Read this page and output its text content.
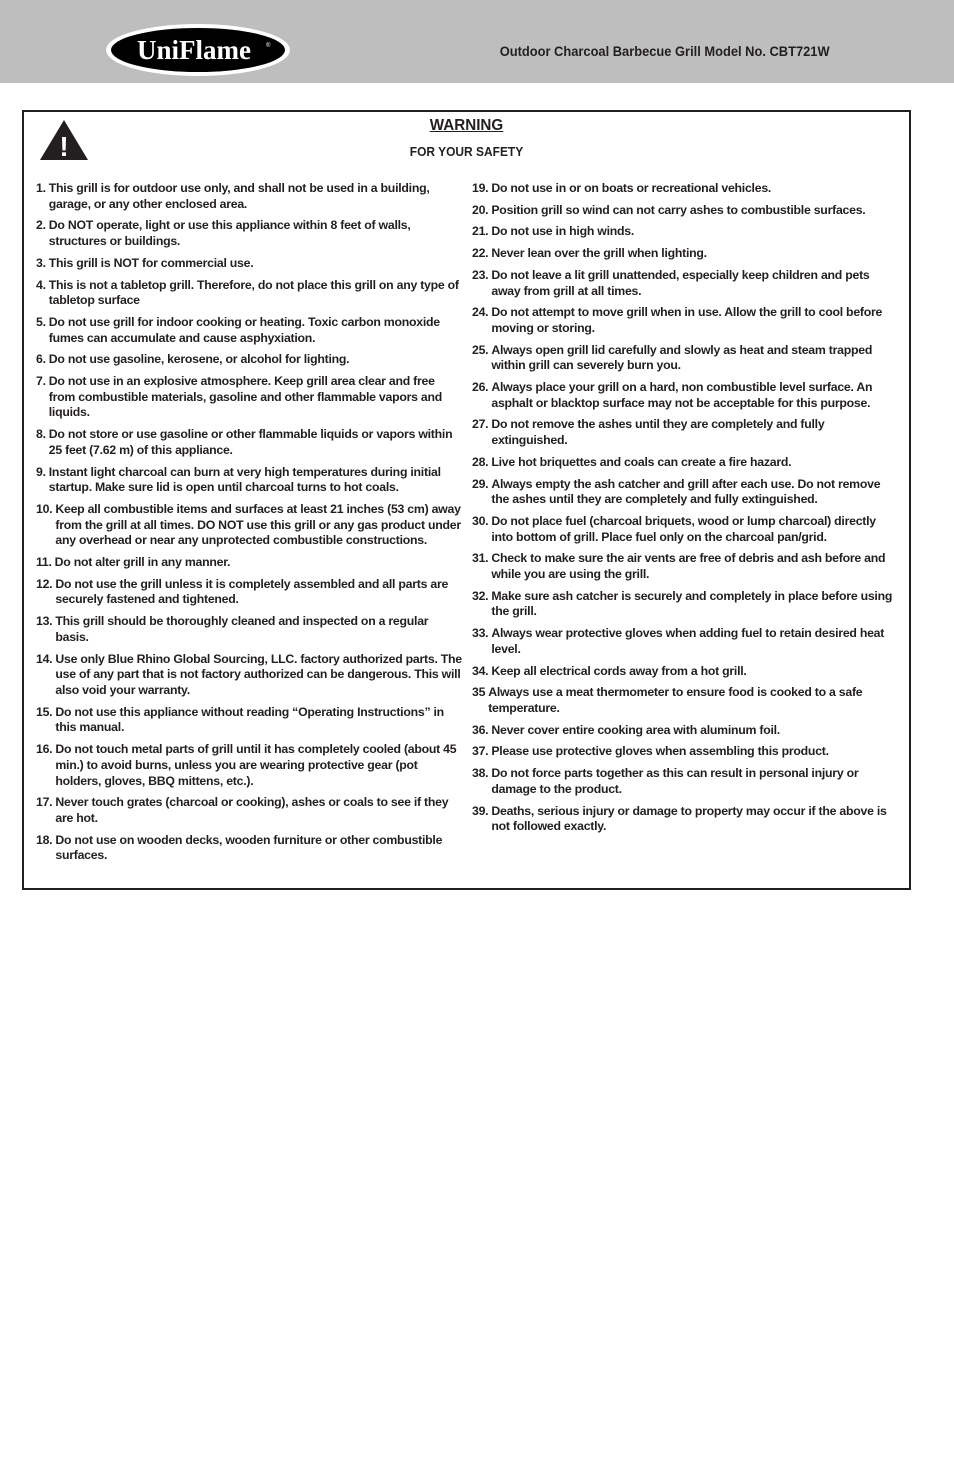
UniFlame	®	Outdoor Charcoal Barbecue Grill Model No. CBT721W
!
WARNING
FOR YOUR SAFETY
1. This grill is for outdoor use only, and shall not be used in a building, garage, or any other enclosed area.
2. Do NOT operate, light or use this appliance within 8 feet of walls, structures or buildings.
3. This grill is NOT for commercial use.
4. This is not a tabletop grill. Therefore, do not place this grill on any type of tabletop surface
5. Do not use grill for indoor cooking or heating. Toxic carbon monoxide fumes can accumulate and cause asphyxiation.
6. Do not use gasoline, kerosene, or alcohol for lighting.
7. Do not use in an explosive atmosphere. Keep grill area clear and free from combustible materials, gasoline and other flammable vapors and liquids.
8. Do not store or use gasoline or other flammable liquids or vapors within 25 feet (7.62 m) of this appliance.
9. Instant light charcoal can burn at very high temperatures during initial startup. Make sure lid is open until charcoal turns to hot coals.
10. Keep all combustible items and surfaces at least 21 inches (53 cm) away from the grill at all times. DO NOT use this grill or any gas product under any overhead or near any unprotected combustible constructions.
11. Do not alter grill in any manner.
12. Do not use the grill unless it is completely assembled and all parts are securely fastened and tightened.
13. This grill should be thoroughly cleaned and inspected on a regular basis.
14. Use only Blue Rhino Global Sourcing, LLC. factory authorized parts. The use of any part that is not factory authorized can be dangerous. This will also void your warranty.
15. Do not use this appliance without reading “Operating Instructions” in this manual.
16. Do not touch metal parts of grill until it has completely cooled (about 45 min.) to avoid burns, unless you are wearing protective gear (pot holders, gloves, BBQ mittens, etc.).
17. Never touch grates (charcoal or cooking), ashes or coals to see if they are hot.
18. Do not use on wooden decks, wooden furniture or other combustible surfaces.
19. Do not use in or on boats or recreational vehicles.
20. Position grill so wind can not carry ashes to combustible surfaces.
21. Do not use in high winds.
22. Never lean over the grill when lighting.
23. Do not leave a lit grill unattended, especially keep children and pets away from grill at all times.
24. Do not attempt to move grill when in use. Allow the grill to cool before moving or storing.
25. Always open grill lid carefully and slowly as heat and steam trapped within grill can severely burn you.
26. Always place your grill on a hard, non combustible level surface. An asphalt or blacktop surface may not be acceptable for this purpose.
27. Do not remove the ashes until they are completely and fully extinguished.
28. Live hot briquettes and coals can create a fire hazard.
29. Always empty the ash catcher and grill after each use. Do not remove the ashes until they are completely and fully extinguished.
30. Do not place fuel (charcoal briquets, wood or lump charcoal) directly into bottom of grill. Place fuel only on the charcoal pan/grid.
31. Check to make sure the air vents are free of debris and ash before and while you are using the grill.
32. Make sure ash catcher is securely and completely in place before using the grill.
33. Always wear protective gloves when adding fuel to retain desired heat level.
34. Keep all electrical cords away from a hot grill.
35 Always use a meat thermometer to ensure food is cooked to a safe temperature.
36. Never cover entire cooking area with aluminum foil.
37. Please use protective gloves when assembling this product.
38. Do not force parts together as this can result in personal injury or damage to the product.
39. Deaths, serious injury or damage to property may occur if the above is not followed exactly.
